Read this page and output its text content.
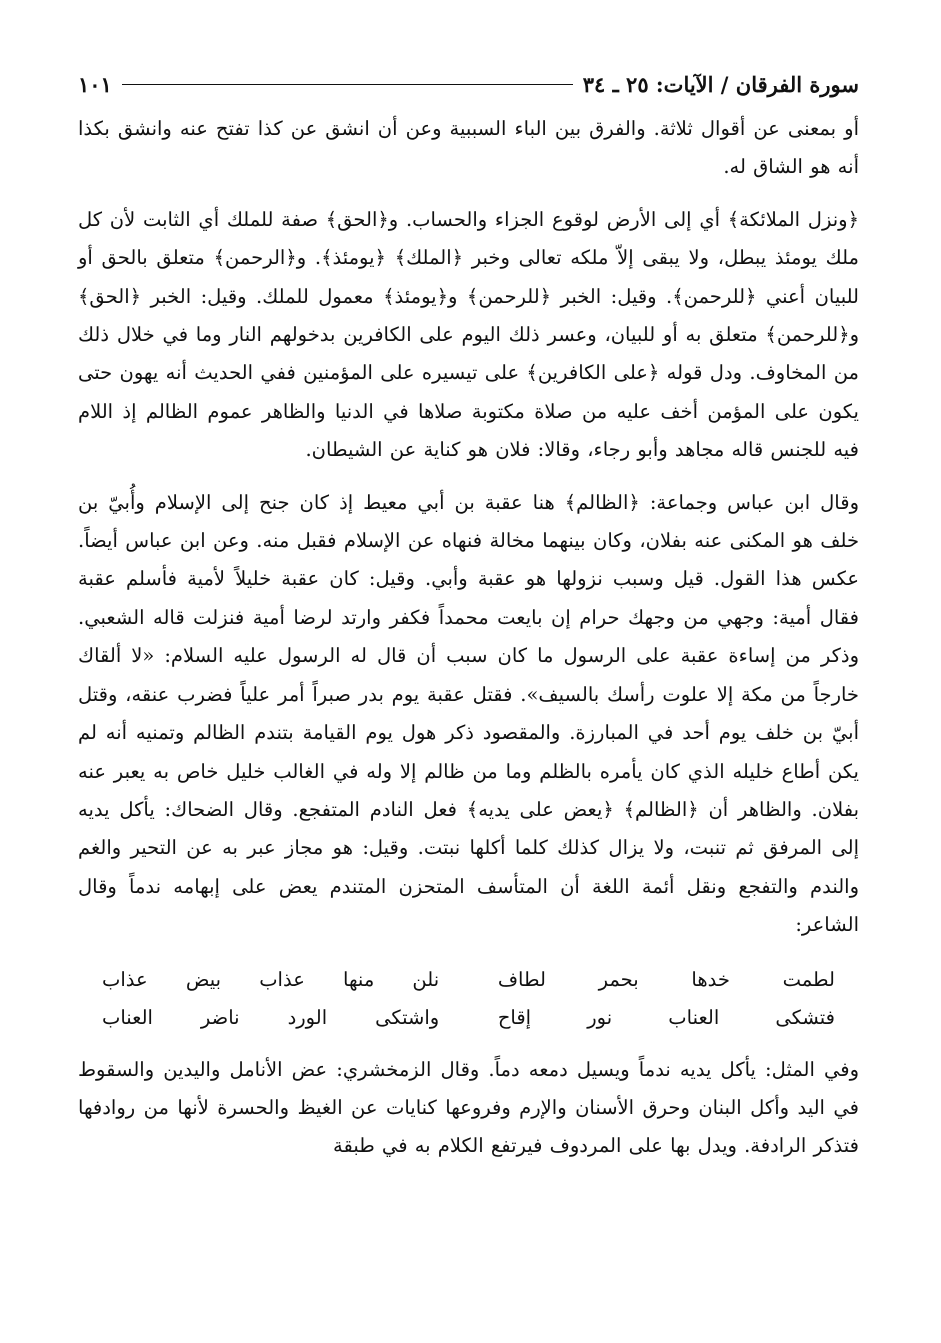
سورة الفرقان / الآيات: ٢٥ ـ ٣٤
١٠١

أو بمعنى عن أقوال ثلاثة. والفرق بين الباء السببية وعن أن انشق عن كذا تفتح عنه وانشق بكذا أنه هو الشاق له.

﴿ونزل الملائكة﴾ أي إلى الأرض لوقوع الجزاء والحساب. و﴿الحق﴾ صفة للملك أي الثابت لأن كل ملك يومئذ يبطل، ولا يبقى إلاّ ملكه تعالى وخبر ﴿الملك﴾ ﴿يومئذ﴾. و﴿الرحمن﴾ متعلق بالحق أو للبيان أعني ﴿للرحمن﴾. وقيل: الخبر ﴿للرحمن﴾ و﴿يومئذ﴾ معمول للملك. وقيل: الخبر ﴿الحق﴾ و﴿للرحمن﴾ متعلق به أو للبيان، وعسر ذلك اليوم على الكافرين بدخولهم النار وما في خلال ذلك من المخاوف. ودل قوله ﴿على الكافرين﴾ على تيسيره على المؤمنين ففي الحديث أنه يهون حتى يكون على المؤمن أخف عليه من صلاة مكتوبة صلاها في الدنيا والظاهر عموم الظالم إذ اللام فيه للجنس قاله مجاهد وأبو رجاء، وقالا: فلان هو كناية عن الشيطان.

وقال ابن عباس وجماعة: ﴿الظالم﴾ هنا عقبة بن أبي معيط إذ كان جنح إلى الإسلام وأُبيّ بن خلف هو المكنى عنه بفلان، وكان بينهما مخالة فنهاه عن الإسلام فقبل منه. وعن ابن عباس أيضاً. عكس هذا القول. قيل وسبب نزولها هو عقبة وأبي. وقيل: كان عقبة خليلاً لأمية فأسلم عقبة فقال أمية: وجهي من وجهك حرام إن بايعت محمداً فكفر وارتد لرضا أمية فنزلت قاله الشعبي. وذكر من إساءة عقبة على الرسول ما كان سبب أن قال له الرسول عليه السلام: «لا ألقاك خارجاً من مكة إلا علوت رأسك بالسيف». فقتل عقبة يوم بدر صبراً أمر علياً فضرب عنقه، وقتل أبيّ بن خلف يوم أحد في المبارزة. والمقصود ذكر هول يوم القيامة بتندم الظالم وتمنيه أنه لم يكن أطاع خليله الذي كان يأمره بالظلم وما من ظالم إلا وله في الغالب خليل خاص به يعبر عنه بفلان. والظاهر أن ﴿الظالم﴾ ﴿يعض على يديه﴾ فعل النادم المتفجع. وقال الضحاك: يأكل يديه إلى المرفق ثم تنبت، ولا يزال كذلك كلما أكلها نبتت. وقيل: هو مجاز عبر به عن التحير والغم والندم والتفجع ونقل أئمة اللغة أن المتأسف المتحزن المتندم يعض على إبهامه ندماً وقال الشاعر:

لطمت خدها بحمر لطاف
نلن منها عذاب بيض عذاب
فتشكى العناب نور إقاح
واشتكى الورد ناضر العناب

وفي المثل: يأكل يديه ندماً ويسيل دمعه دماً. وقال الزمخشري: عض الأنامل واليدين والسقوط في اليد وأكل البنان وحرق الأسنان والإرم وفروعها كنايات عن الغيظ والحسرة لأنها من روادفها فتذكر الرادفة. ويدل بها على المردوف فيرتفع الكلام به في طبقة
